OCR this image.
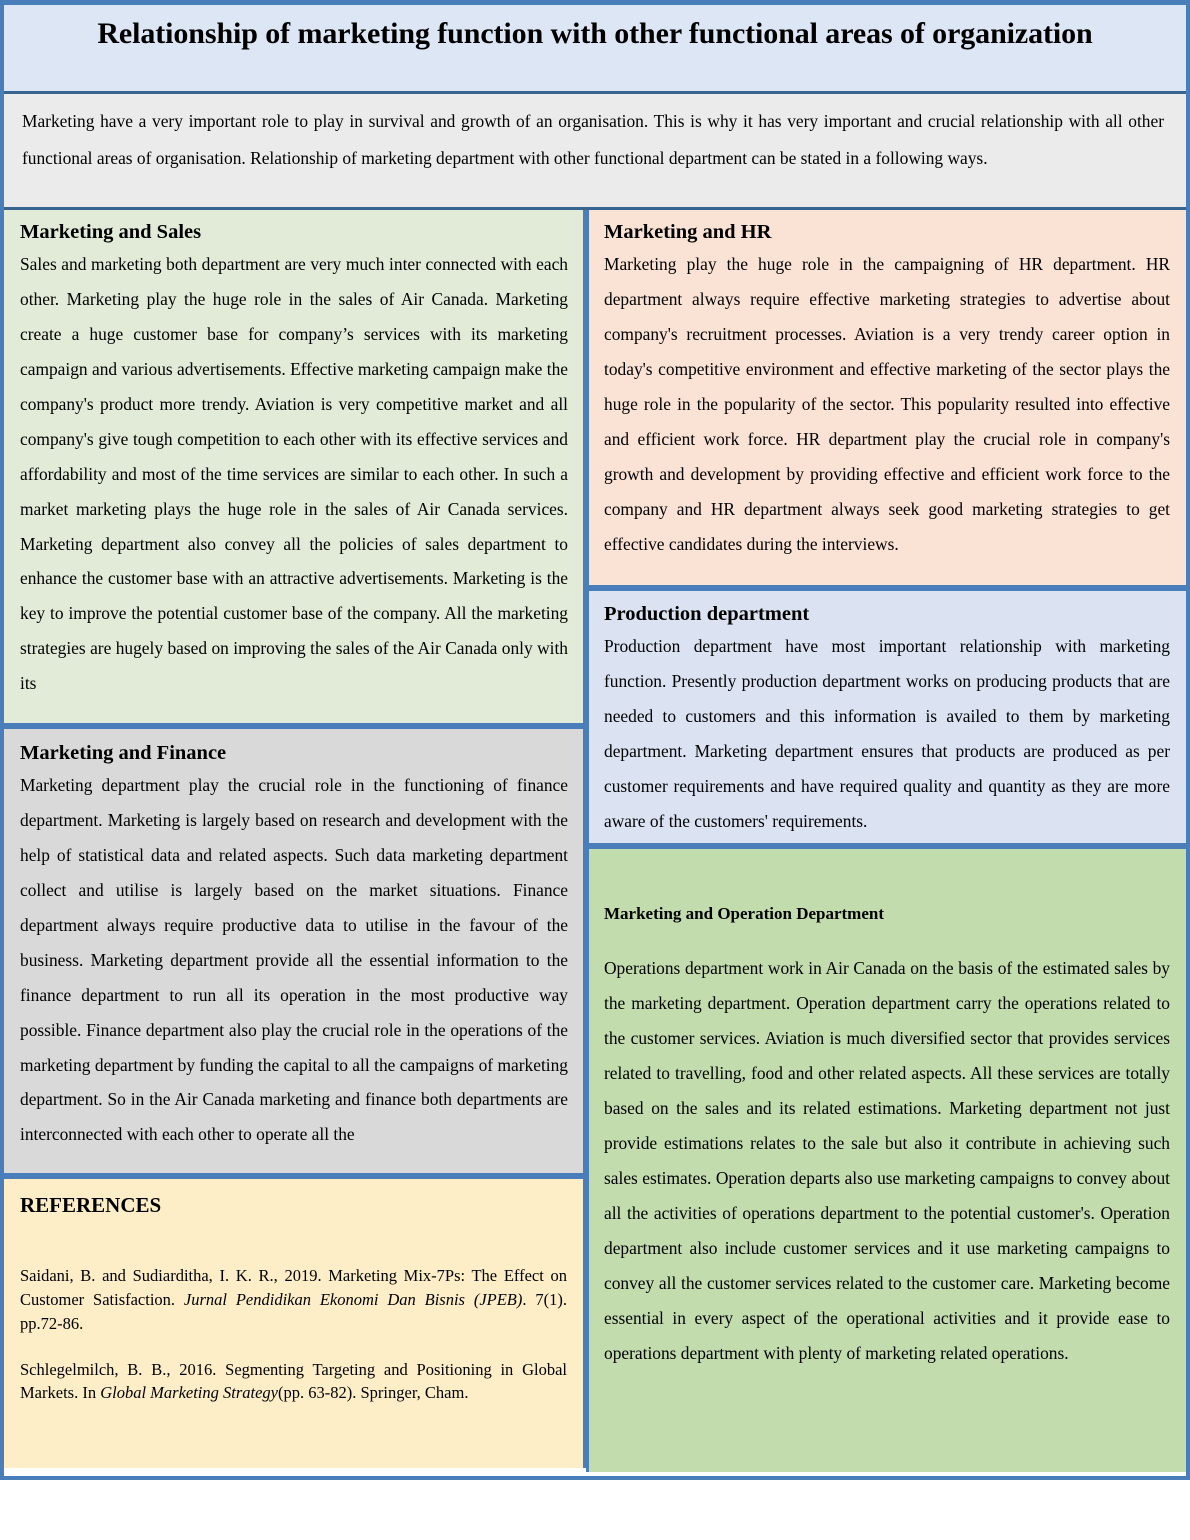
Relationship of marketing function with other functional areas of organization
Marketing have a very important role to play in survival and growth of an organisation. This is why it has very important and crucial relationship with all other functional areas of organisation. Relationship of marketing department with other functional department can be stated in a following ways.
Marketing and Sales

Sales and marketing both department are very much inter connected with each other. Marketing play the huge role in the sales of Air Canada. Marketing create a huge customer base for company’s services with its marketing campaign and various advertisements. Effective marketing campaign make the company's product more trendy. Aviation is very competitive market and all company's give tough competition to each other with its effective services and affordability and most of the time services are similar to each other. In such a market marketing plays the huge role in the sales of Air Canada services. Marketing department also convey all the policies of sales department to enhance the customer base with an attractive advertisements. Marketing is the key to improve the potential customer base of the company. All the marketing strategies are hugely based on improving the sales of the Air Canada only with its

Marketing and Finance

Marketing department play the crucial role in the functioning of finance department. Marketing is largely based on research and development with the help of statistical data and related aspects. Such data marketing department collect and utilise is largely based on the market situations. Finance department always require productive data to utilise in the favour of the business. Marketing department provide all the essential information to the finance department to run all its operation in the most productive way possible. Finance department also play the crucial role in the operations of the marketing department by funding the capital to all the campaigns of marketing department. So in the Air Canada marketing and finance both departments are interconnected with each other to operate all the

REFERENCES
Saidani, B. and Sudiarditha, I. K. R., 2019. Marketing Mix-7Ps: The Effect on Customer Satisfaction. Jurnal Pendidikan Ekonomi Dan Bisnis (JPEB). 7(1). pp.72-86.
Schlegelmilch, B. B., 2016. Segmenting Targeting and Positioning in Global Markets. In Global Marketing Strategy(pp. 63-82). Springer, Cham.
Marketing and HR

Marketing play the huge role in the campaigning of HR department. HR department always require effective marketing strategies to advertise about company's recruitment processes. Aviation is a very trendy career option in today's competitive environment and effective marketing of the sector plays the huge role in the popularity of the sector. This popularity resulted into effective and efficient work force. HR department play the crucial role in company's growth and development by providing effective and efficient work force to the company and HR department always seek good marketing strategies to get effective candidates during the interviews.

Production department

Production department have most important relationship with marketing function. Presently production department works on producing products that are needed to customers and this information is availed to them by marketing department. Marketing department ensures that products are produced as per customer requirements and have required quality and quantity as they are more aware of the customers' requirements.

Marketing and Operation Department

Operations department work in Air Canada on the basis of the estimated sales by the marketing department. Operation department carry the operations related to the customer services. Aviation is much diversified sector that provides services related to travelling, food and other related aspects. All these services are totally based on the sales and its related estimations. Marketing department not just provide estimations relates to the sale but also it contribute in achieving such sales estimates. Operation departs also use marketing campaigns to convey about all the activities of operations department to the potential customer's. Operation department also include customer services and it use marketing campaigns to convey all the customer services related to the customer care. Marketing become essential in every aspect of the operational activities and it provide ease to operations department with plenty of marketing related operations.
